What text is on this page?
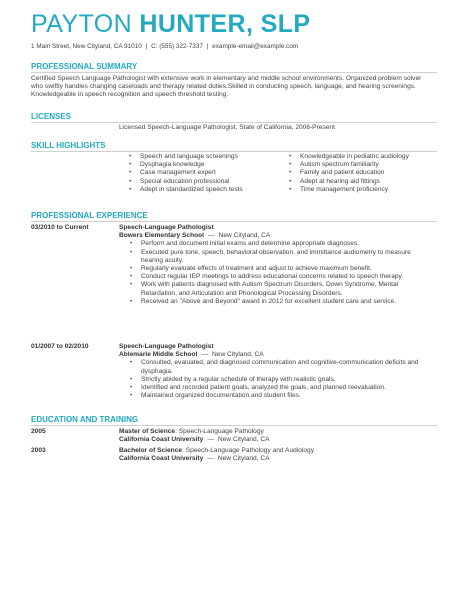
PAYTON HUNTER, SLP
1 Main Street, New Cityland, CA 91010 | C: (555) 322-7337 | example-email@example.com
PROFESSIONAL SUMMARY
Certified Speech Language Pathologist with extensive work in elementary and middle school environments. Organized problem solver who swiftly handles changing caseloads and therapy related duties.Skilled in conducting speech, language, and hearing screenings. Knowledgeable in speech recognition and speech threshold testing.
LICENSES
Licensed Speech-Language Pathologist, State of California, 2006-Present
SKILL HIGHLIGHTS
• Speech and language screenings
• Dysphagia knowledge
• Case management expert
• Special education professional
• Adept in standardized speech tests
• Knowledgeable in pediatric audiology
• Autism spectrum familiarity
• Family and patient education
• Adept at hearing aid fittings
• Time management proficiency
PROFESSIONAL EXPERIENCE
03/2010 to Current	Speech-Language Pathologist
Bowers Elementary School — New Cityland, CA
• Perform and document initial exams and determine appropriate diagnoses.
• Executed pure tone, speech, behavioral observation, and immittance audiometry to measure hearing acuity.
• Regularly evaluate effects of treatment and adjust to achieve maximum benefit.
• Conduct regular IEP meetings to address educational concerns related to speech therapy.
• Work with patients diagnosed with Autism Spectrum Disorders, Down Syndrome, Mental Retardation, and Articulation and Phonological Processing Disorders.
• Received an "Above and Beyond" award in 2012 for excellent student care and service.
01/2007 to 02/2010	Speech-Language Pathologist
Ablemarle Middle School — New Cityland, CA
• Consulted, evaluated, and diagnosed communication and cognitive-communication deficits and dysphagia.
• Strictly abided by a regular schedule of therapy with realistic goals.
• Identified and recorded patient goals, analyzed the goals, and planned reevaluation.
• Maintained organized documentation and student files.
EDUCATION AND TRAINING
2005	Master of Science: Speech-Language Pathology
California Coast University — New Cityland, CA
2003	Bachelor of Science: Speech-Language Pathology and Audiology
California Coast University — New Cityland, CA
